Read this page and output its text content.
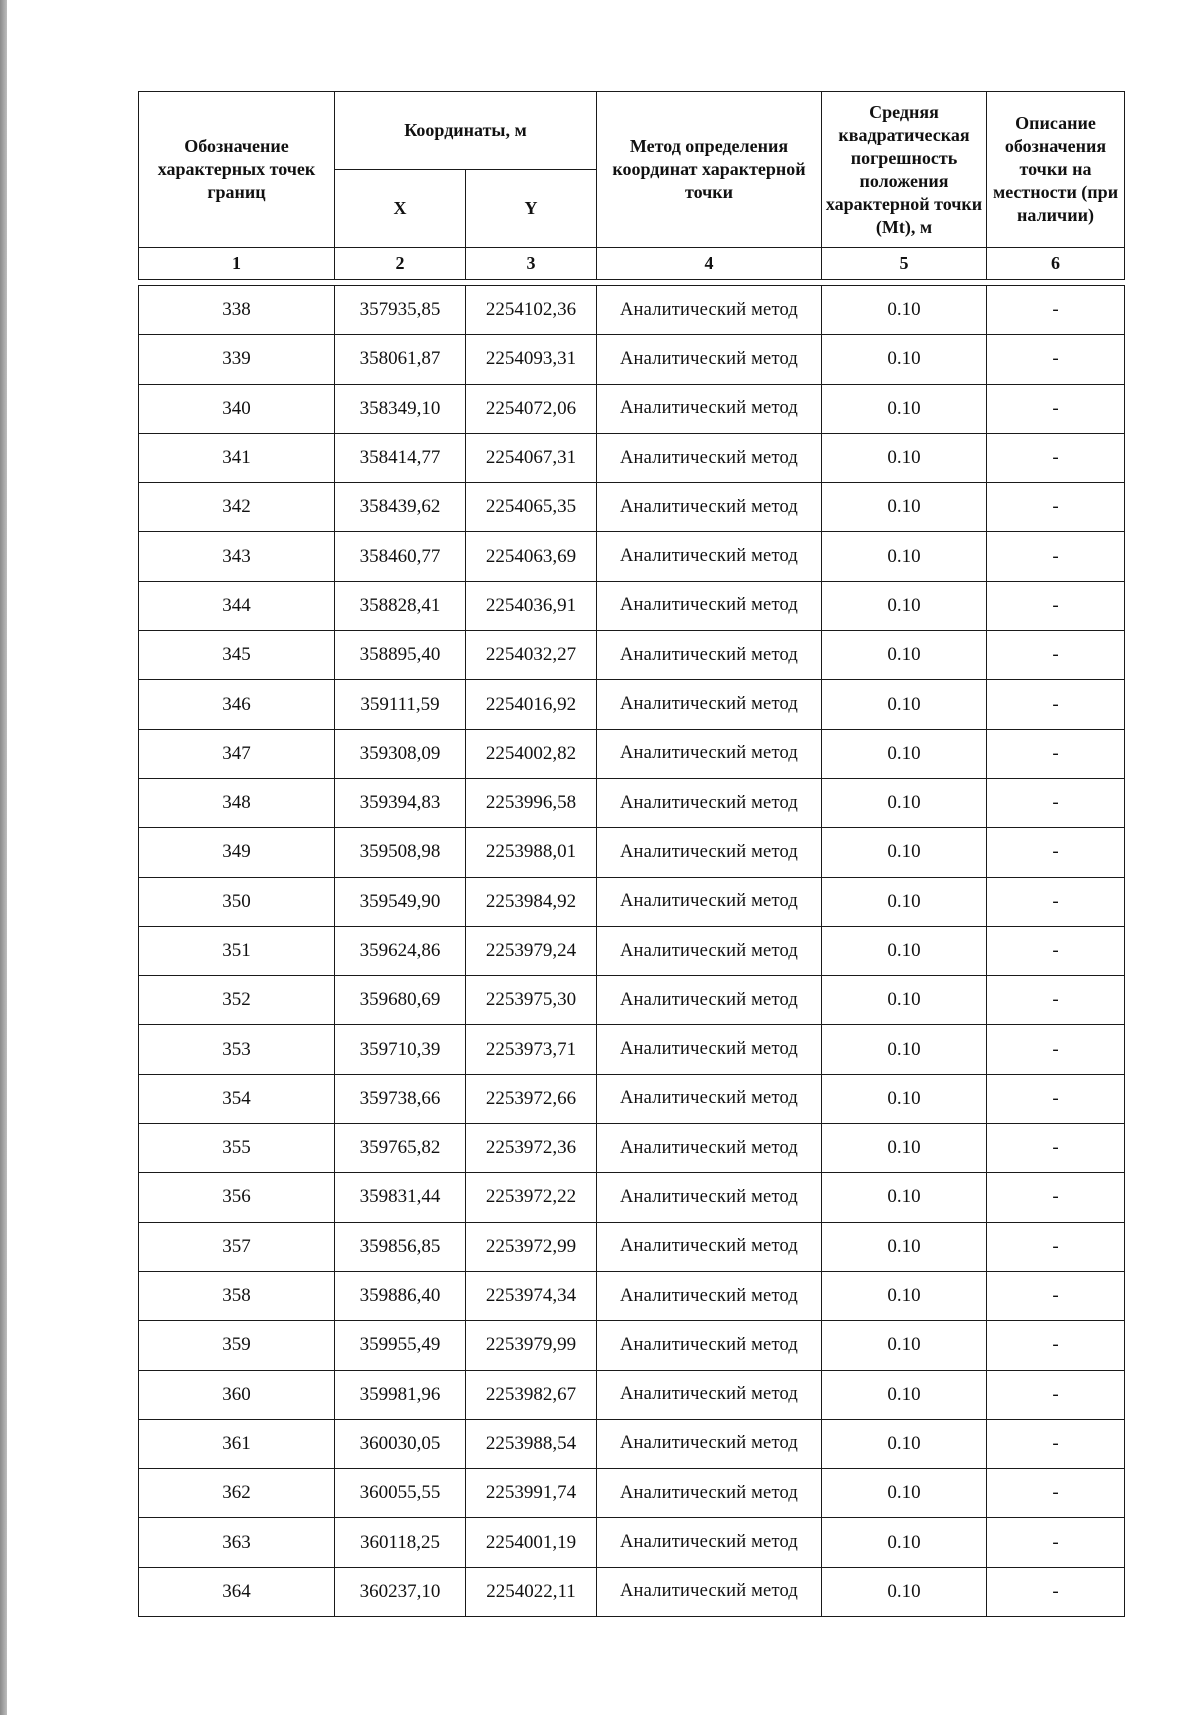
Обозначение характерных точек границ	Координаты, м		Метод определения координат характерной точки	Средняя квадратическая погрешность положения характерной точки (Mt), м	Описание обозначения точки на местности (при наличии)
	X	Y			
1	2	3	4	5	6

338	357935,85	2254102,36	Аналитический метод	0.10	-
339	358061,87	2254093,31	Аналитический метод	0.10	-
340	358349,10	2254072,06	Аналитический метод	0.10	-
341	358414,77	2254067,31	Аналитический метод	0.10	-
342	358439,62	2254065,35	Аналитический метод	0.10	-
343	358460,77	2254063,69	Аналитический метод	0.10	-
344	358828,41	2254036,91	Аналитический метод	0.10	-
345	358895,40	2254032,27	Аналитический метод	0.10	-
346	359111,59	2254016,92	Аналитический метод	0.10	-
347	359308,09	2254002,82	Аналитический метод	0.10	-
348	359394,83	2253996,58	Аналитический метод	0.10	-
349	359508,98	2253988,01	Аналитический метод	0.10	-
350	359549,90	2253984,92	Аналитический метод	0.10	-
351	359624,86	2253979,24	Аналитический метод	0.10	-
352	359680,69	2253975,30	Аналитический метод	0.10	-
353	359710,39	2253973,71	Аналитический метод	0.10	-
354	359738,66	2253972,66	Аналитический метод	0.10	-
355	359765,82	2253972,36	Аналитический метод	0.10	-
356	359831,44	2253972,22	Аналитический метод	0.10	-
357	359856,85	2253972,99	Аналитический метод	0.10	-
358	359886,40	2253974,34	Аналитический метод	0.10	-
359	359955,49	2253979,99	Аналитический метод	0.10	-
360	359981,96	2253982,67	Аналитический метод	0.10	-
361	360030,05	2253988,54	Аналитический метод	0.10	-
362	360055,55	2253991,74	Аналитический метод	0.10	-
363	360118,25	2254001,19	Аналитический метод	0.10	-
364	360237,10	2254022,11	Аналитический метод	0.10	-
